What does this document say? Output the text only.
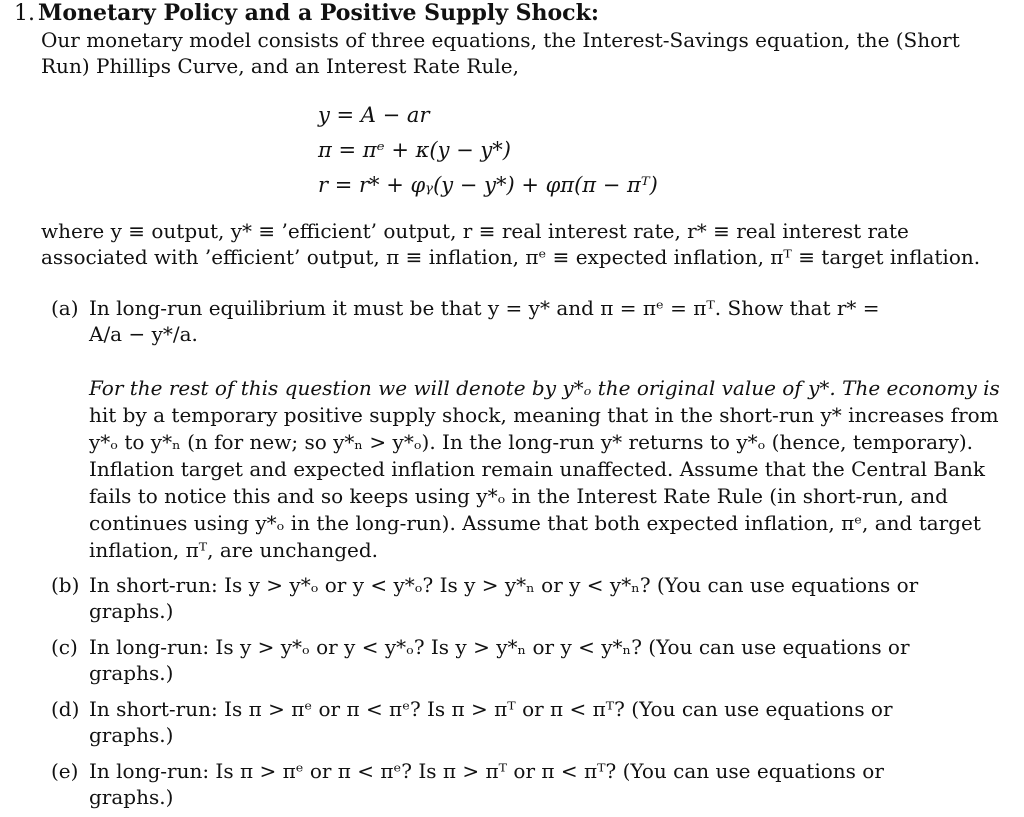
1. Monetary Policy and a Positive Supply Shock:
Our monetary model consists of three equations, the Interest-Savings equation, the (Short
Run) Phillips Curve, and an Interest Rate Rule,
y = A − ar
π = πᵉ + κ(y − y*)
r = r* + φᵧ(y − y*) + φπ(π − πᵀ)
where y ≡ output, y* ≡ ’efficient’ output, r ≡ real interest rate, r* ≡ real interest rate
associated with ’efficient’ output, π ≡ inflation, πᵉ ≡ expected inflation, πᵀ ≡ target inflation.
(a) In long-run equilibrium it must be that y = y* and π = πᵉ = πᵀ. Show that r* =
A/a − y*/a.
For the rest of this question we will denote by y*ₒ the original value of y*. The economy is
hit by a temporary positive supply shock, meaning that in the short-run y* increases from
y*ₒ to y*ₙ (n for new; so y*ₙ > y*ₒ). In the long-run y* returns to y*ₒ (hence, temporary).
Inflation target and expected inflation remain unaffected. Assume that the Central Bank
fails to notice this and so keeps using y*ₒ in the Interest Rate Rule (in short-run, and
continues using y*ₒ in the long-run). Assume that both expected inflation, πᵉ, and target
inflation, πᵀ, are unchanged.
(b) In short-run: Is y > y*ₒ or y < y*ₒ? Is y > y*ₙ or y < y*ₙ? (You can use equations or
graphs.)
(c) In long-run: Is y > y*ₒ or y < y*ₒ? Is y > y*ₙ or y < y*ₙ? (You can use equations or
graphs.)
(d) In short-run: Is π > πᵉ or π < πᵉ? Is π > πᵀ or π < πᵀ? (You can use equations or
graphs.)
(e) In long-run: Is π > πᵉ or π < πᵉ? Is π > πᵀ or π < πᵀ? (You can use equations or
graphs.)
